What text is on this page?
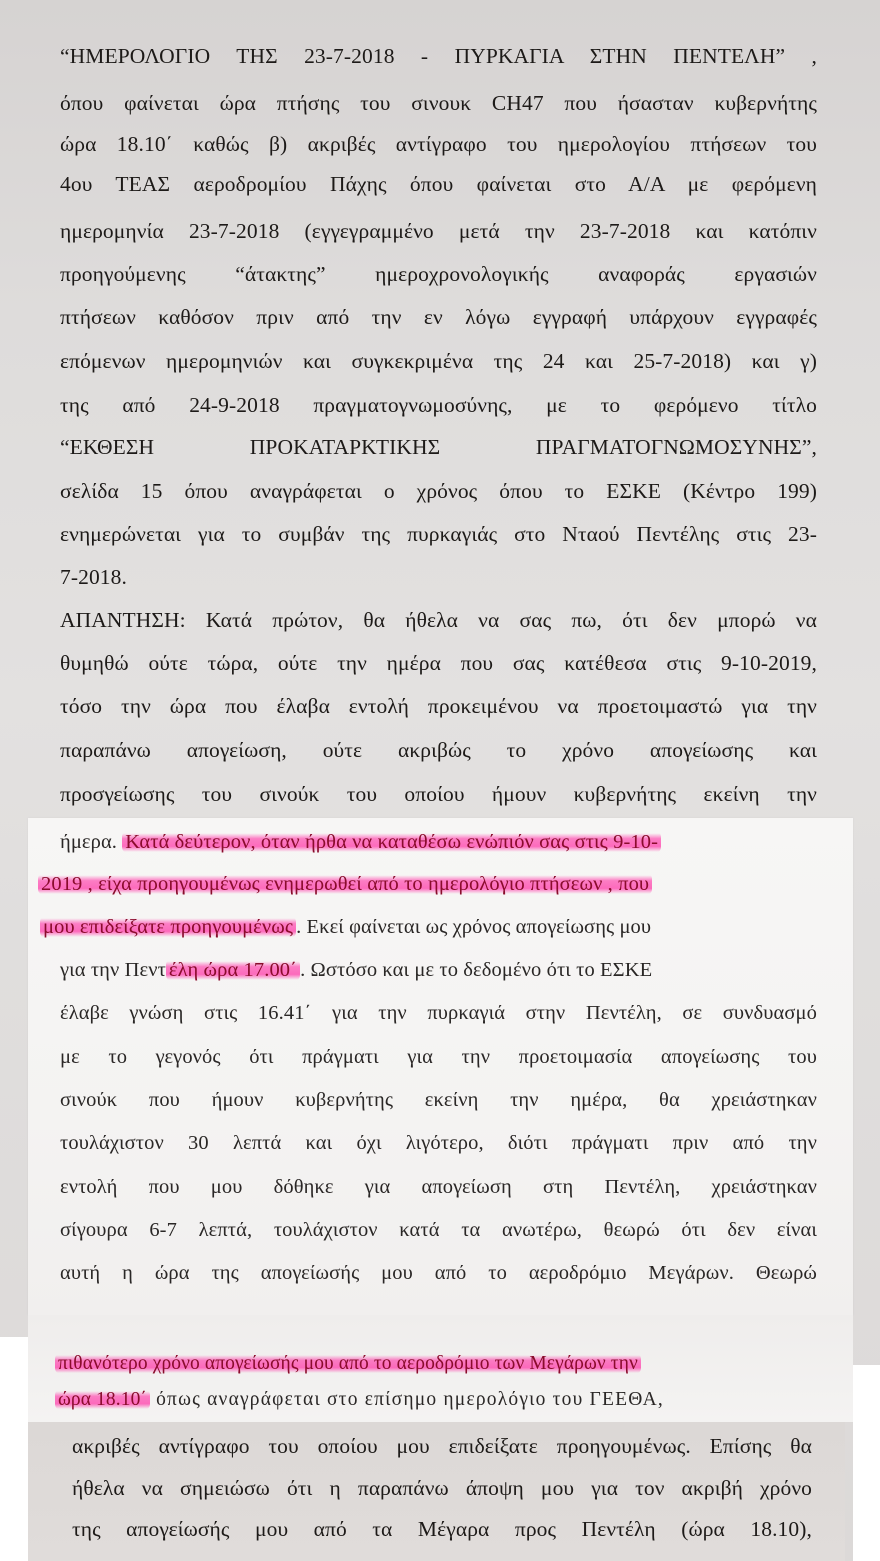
“ΗΜΕΡΟΛΟΓΙΟ ΤΗΣ 23-7-2018 - ΠΥΡΚΑΓΙΑ ΣΤΗΝ ΠΕΝΤΕΛΗ” ,
όπου φαίνεται ώρα πτήσης του σινουκ CH47 που ήσασταν κυβερνήτης
ώρα 18.10΄ καθώς β) ακριβές αντίγραφο του ημερολογίου πτήσεων του
4ου ΤΕΑΣ αεροδρομίου Πάχης όπου φαίνεται στο Α/Α με φερόμενη
ημερομηνία 23-7-2018 (εγγεγραμμένο μετά την 23-7-2018 και κατόπιν
προηγούμενης “άτακτης” ημεροχρονολογικής αναφοράς εργασιών
πτήσεων καθόσον πριν από την εν λόγω εγγραφή υπάρχουν εγγραφές
επόμενων ημερομηνιών και συγκεκριμένα της 24 και 25-7-2018) και γ)
της από 24-9-2018 πραγματογνωμοσύνης, με το φερόμενο τίτλο
“ΕΚΘΕΣΗ ΠΡΟΚΑΤΑΡΚΤΙΚΗΣ ΠΡΑΓΜΑΤΟΓΝΩΜΟΣΥΝΗΣ”,
σελίδα 15 όπου αναγράφεται ο χρόνος όπου το ΕΣΚΕ (Κέντρο 199)
ενημερώνεται για το συμβάν της πυρκαγιάς στο Νταού Πεντέλης στις 23-
7-2018.
ΑΠΑΝΤΗΣΗ: Κατά πρώτον, θα ήθελα να σας πω, ότι δεν μπορώ να
θυμηθώ ούτε τώρα, ούτε την ημέρα που σας κατέθεσα στις 9-10-2019,
τόσο την ώρα που έλαβα εντολή προκειμένου να προετοιμαστώ για την
παραπάνω απογείωση, ούτε ακριβώς το χρόνο απογείωσης και
προσγείωσης του σινούκ του οποίου ήμουν κυβερνήτης εκείνη την
ήμερα. Κατά δεύτερον, όταν ήρθα να καταθέσω ενώπιόν σας στις 9-10-
2019 , είχα προηγουμένως ενημερωθεί από το ημερολόγιο πτήσεων , που
μου επιδείξατε προηγουμένως . Εκεί φαίνεται ως χρόνος απογείωσης μου
για την Πεντ έλη ώρα 17.00΄ . Ωστόσο και με το δεδομένο ότι το ΕΣΚΕ
έλαβε γνώση στις 16.41΄ για την πυρκαγιά στην Πεντέλη, σε συνδυασμό
με το γεγονός ότι πράγματι για την προετοιμασία απογείωσης του
σινούκ που ήμουν κυβερνήτης εκείνη την ημέρα, θα χρειάστηκαν
τουλάχιστον 30 λεπτά και όχι λιγότερο, διότι πράγματι πριν από την
εντολή που μου δόθηκε για απογείωση στη Πεντέλη, χρειάστηκαν
σίγουρα 6-7 λεπτά, τουλάχιστον κατά τα ανωτέρω, θεωρώ ότι δεν είναι
αυτή η ώρα της απογείωσής μου από το αεροδρόμιο Μεγάρων. Θεωρώ
πιθανότερο χρόνο απογείωσής μου από το αεροδρόμιο των Μεγάρων την
ώρα 18.10΄ όπως αναγράφεται στο επίσημο ημερολόγιο του ΓΕΕΘΑ,
ακριβές αντίγραφο του οποίου μου επιδείξατε προηγουμένως. Επίσης θα
ήθελα να σημειώσω ότι η παραπάνω άποψη μου για τον ακριβή χρόνο
της απογείωσής μου από τα Μέγαρα προς Πεντέλη (ώρα 18.10),
